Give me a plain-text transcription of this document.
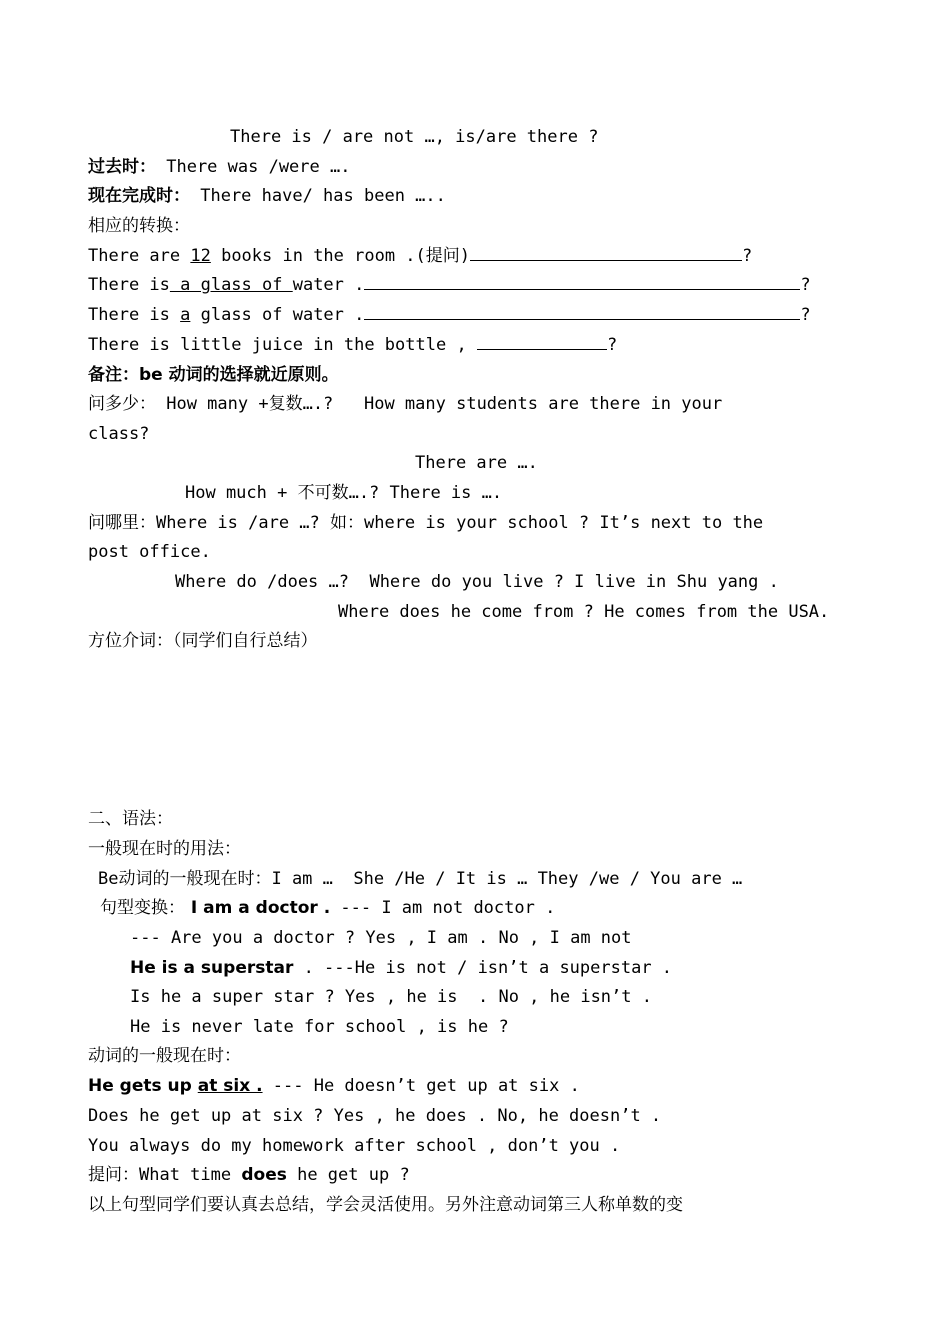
There is / are not …, is/are there ?
过去时： There was /were ….
现在完成时： There have/ has been …..
相应的转换：
There are 12 books in the room .(提问)	?
There is a glass of water .	?
There is a glass of water .	?
There is little juice in the bottle ,	?
备注：be 动词的选择就近原则。
问多少： How many +复数….?   How many students are there in your
class?
There are ….
How much + 不可数….? There is ….
问哪里：Where is /are …? 如：where is your school ? It’s next to the
post office.
Where do /does …?  Where do you live ? I live in Shu yang .
Where does he come from ? He comes from the USA.
方位介词：（同学们自行总结）
二、语法：
一般现在时的用法：
Be动词的一般现在时：I am …  She /He / It is … They /we / You are …
句型变换： I am a doctor . --- I am not doctor .
--- Are you a doctor ? Yes , I am . No , I am not
He is a superstar . ---He is not / isn’t a superstar .
Is he a super star ? Yes , he is  . No , he isn’t .
He is never late for school , is he ?
动词的一般现在时：
He gets up at six . --- He doesn’t get up at six .
Does he get up at six ? Yes , he does . No, he doesn’t .
You always do my homework after school , don’t you .
提问：What time does he get up ?
以上句型同学们要认真去总结，学会灵活使用。另外注意动词第三人称单数的变
